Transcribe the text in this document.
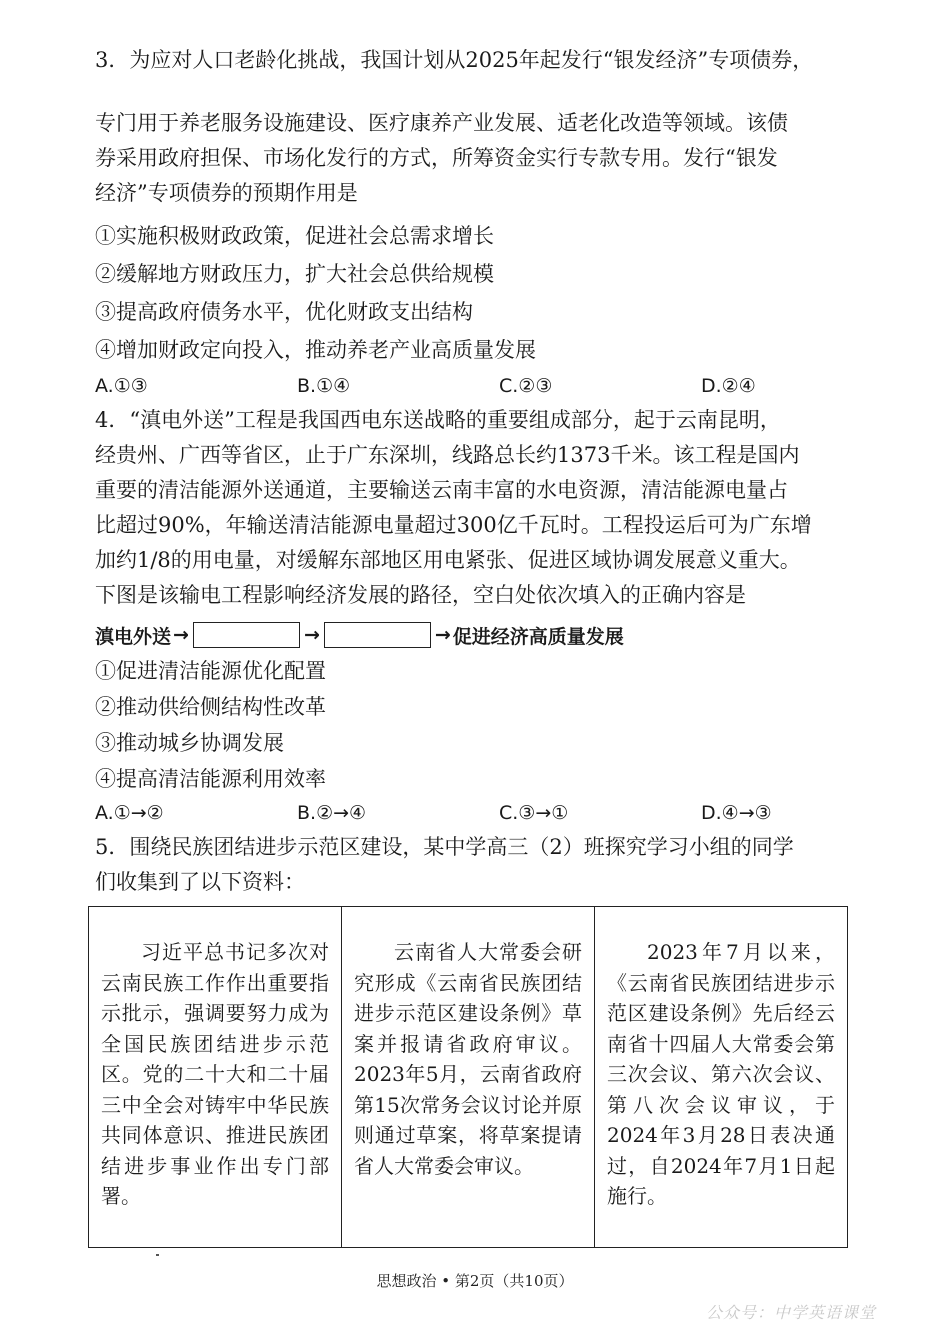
3．为应对人口老龄化挑战，我国计划从2025年起发行“银发经济”专项债券，
专门用于养老服务设施建设、医疗康养产业发展、适老化改造等领域。该债
券采用政府担保、市场化发行的方式，所筹资金实行专款专用。发行“银发
经济”专项债券的预期作用是
①实施积极财政政策，促进社会总需求增长
②缓解地方财政压力，扩大社会总供给规模
③提高政府债务水平，优化财政支出结构
④增加财政定向投入，推动养老产业高质量发展
A.①③	B.①④	C.②③	D.②④
4．“滇电外送”工程是我国西电东送战略的重要组成部分，起于云南昆明，
经贵州、广西等省区，止于广东深圳，线路总长约1373千米。该工程是国内
重要的清洁能源外送通道，主要输送云南丰富的水电资源，清洁能源电量占
比超过90%，年输送清洁能源电量超过300亿千瓦时。工程投运后可为广东增
加约1/8的用电量，对缓解东部地区用电紧张、促进区域协调发展意义重大。
下图是该输电工程影响经济发展的路径，空白处依次填入的正确内容是
滇电外送 →	→	→ 促进经济高质量发展
①促进清洁能源优化配置
②推动供给侧结构性改革
③推动城乡协调发展
④提高清洁能源利用效率
A.①→②	B.②→④	C.③→①	D.④→③
5．围绕民族团结进步示范区建设，某中学高三（2）班探究学习小组的同学
们收集到了以下资料：

习近平总书记多次对云南民族工作作出重要指示批示，强调要努力成为全国民族团结进步示范区。党的二十大和二十届三中全会对铸牢中华民族共同体意识、推进民族团结进步事业作出专门部署。

云南省人大常委会研究形成《云南省民族团结进步示范区建设条例》草案并报请省政府审议。2023年5月，云南省政府第15次常务会议讨论并原则通过草案，将草案提请省人大常委会审议。

2023年7月以来，《云南省民族团结进步示范区建设条例》先后经云南省十四届人大常委会第三次会议、第六次会议、第八次会议审议，于2024年3月28日表决通过，自2024年7月1日起施行。

思想政治 • 第2页（共10页）
公众号：中学英语课堂
